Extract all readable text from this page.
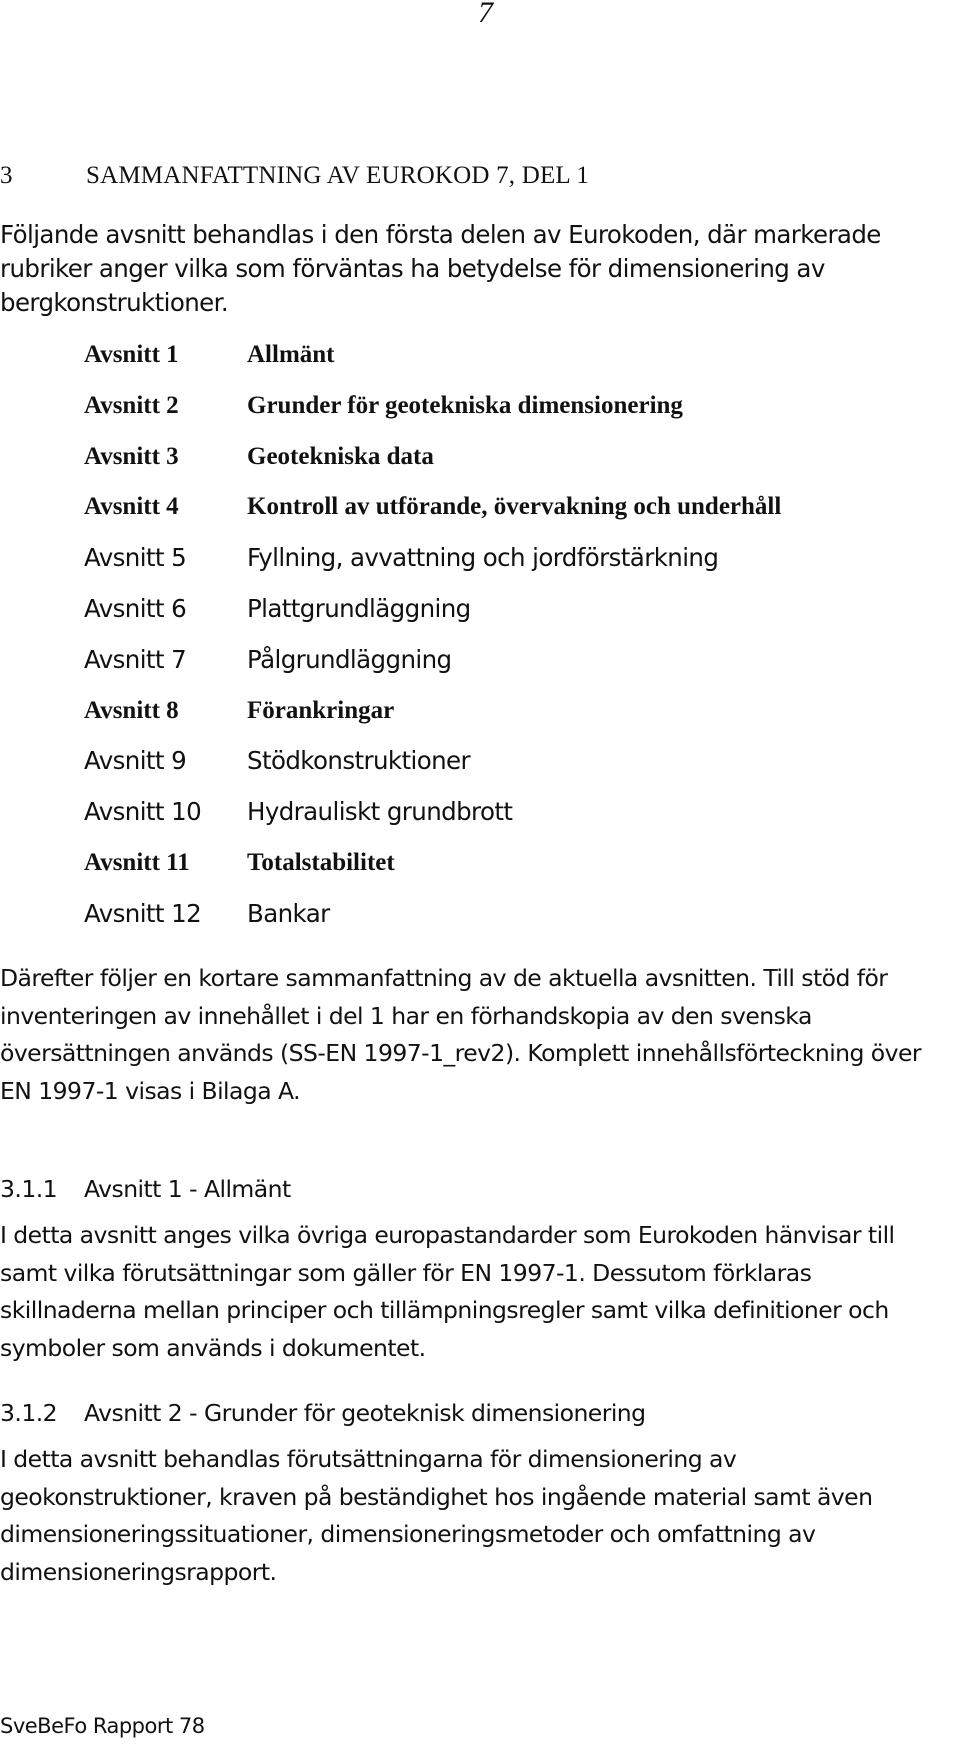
7
3	SAMMANFATTNING AV EUROKOD 7, DEL 1
Följande avsnitt behandlas i den första delen av Eurokoden, där markerade rubriker anger vilka som förväntas ha betydelse för dimensionering av bergkonstruktioner.
Avsnitt 1	Allmänt
Avsnitt 2	Grunder för geotekniska dimensionering
Avsnitt 3	Geotekniska data
Avsnitt 4	Kontroll av utförande, övervakning och underhåll
Avsnitt 5	Fyllning, avvattning och jordförstärkning
Avsnitt 6	Plattgrundläggning
Avsnitt 7	Pålgrundläggning
Avsnitt 8	Förankringar
Avsnitt 9	Stödkonstruktioner
Avsnitt 10	Hydrauliskt grundbrott
Avsnitt 11	Totalstabilitet
Avsnitt 12	Bankar
Därefter följer en kortare sammanfattning av de aktuella avsnitten. Till stöd för inventeringen av innehållet i del 1 har en förhandskopia av den svenska översättningen används (SS-EN 1997-1_rev2). Komplett innehållsförteckning över EN 1997-1 visas i Bilaga A.
3.1.1 Avsnitt 1 - Allmänt
I detta avsnitt anges vilka övriga europastandarder som Eurokoden hänvisar till samt vilka förutsättningar som gäller för EN 1997-1. Dessutom förklaras skillnaderna mellan principer och tillämpningsregler samt vilka definitioner och symboler som används i dokumentet.
3.1.2 Avsnitt 2 - Grunder för geoteknisk dimensionering
I detta avsnitt behandlas förutsättningarna för dimensionering av geokonstruktioner, kraven på beständighet hos ingående material samt även dimensioneringssituationer, dimensioneringsmetoder och omfattning av dimensioneringsrapport.
SveBeFo Rapport 78
